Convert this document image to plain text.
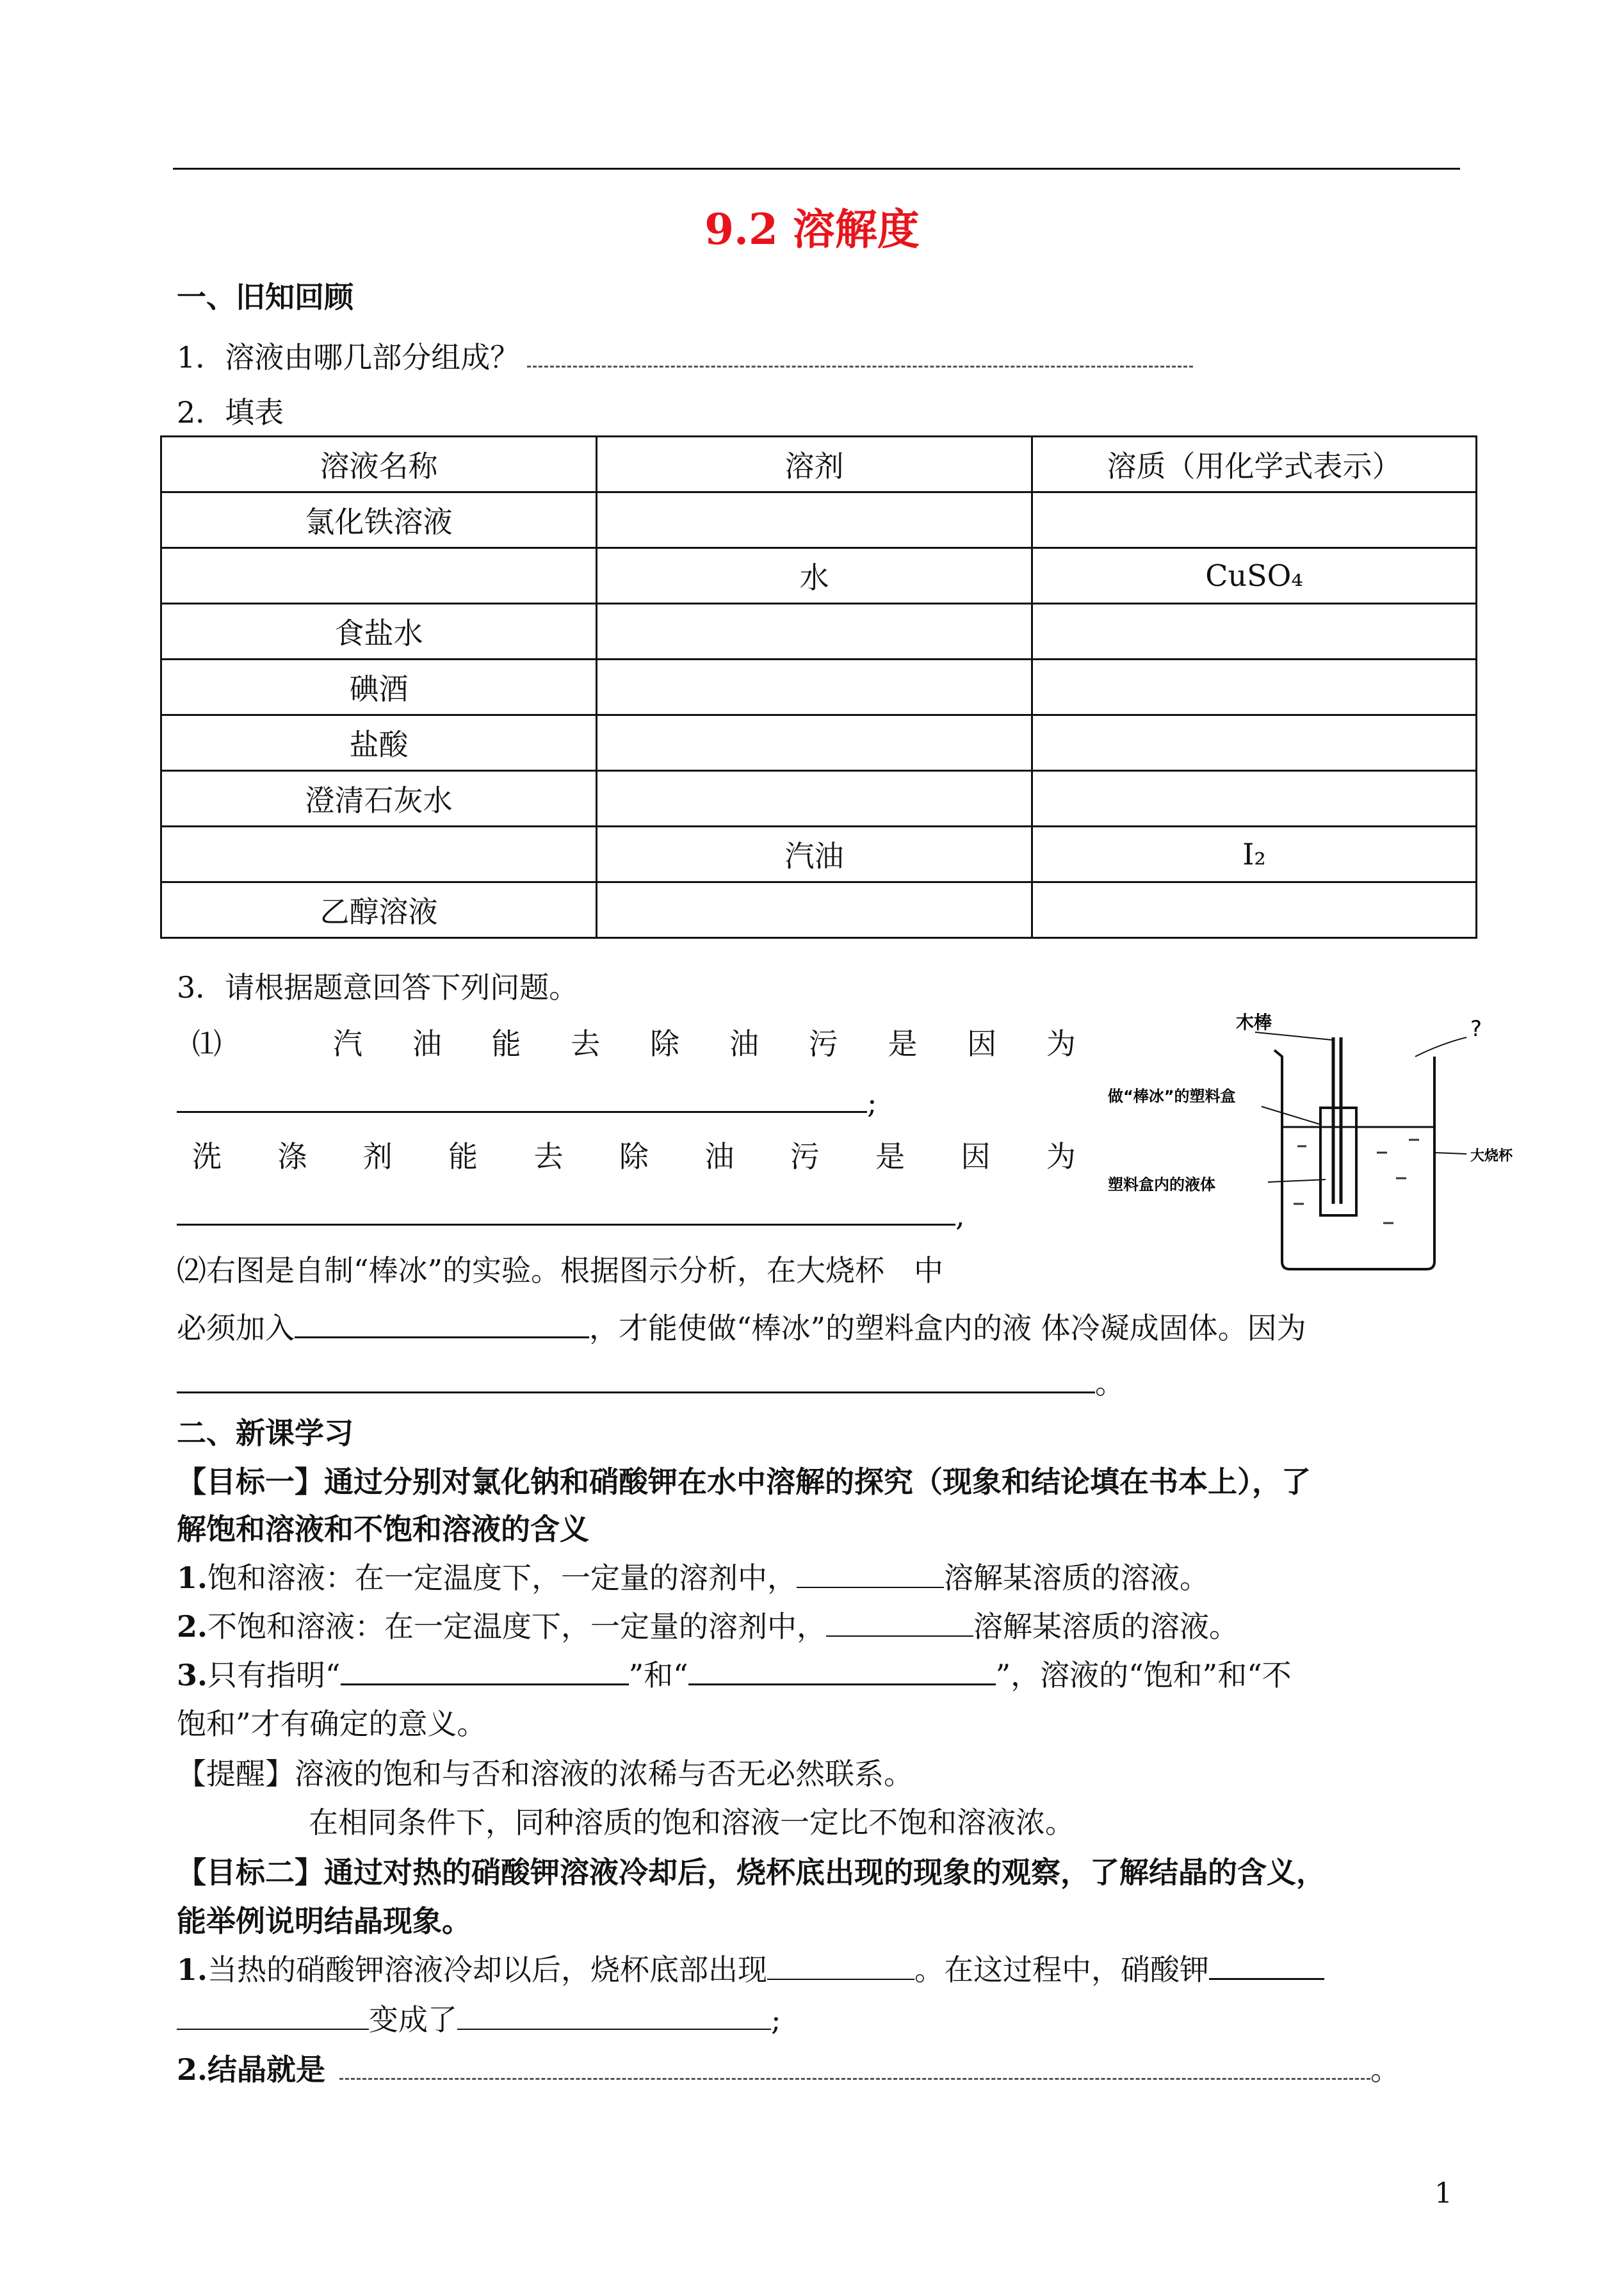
9.2 溶解度
一、旧知回顾
1．溶液由哪几部分组成？
2．填表
溶液名称	溶剂	溶质（用化学式表示）
氯化铁溶液		
	水	CuSO₄
食盐水		
碘酒		
盐酸		
澄清石灰水		
	汽油	I₂
乙醇溶液		
3．请根据题意回答下列问题。
⑴	汽 油 能 去 除 油 污 是 因 为
;
洗 涤 剂 能 去 除 油 污 是 因 为
,
木棒	?
做“棒冰”的塑料盒
大烧杯
塑料盒内的液体
⑵右图是自制“棒冰”的实验。根据图示分析，在大烧杯　中
必须加入	，才能使做“棒冰”的塑料盒内的液 体冷凝成固体。因为
。
二、新课学习
【目标一】通过分别对氯化钠和硝酸钾在水中溶解的探究（现象和结论填在书本上），了
解饱和溶液和不饱和溶液的含义
1.饱和溶液：在一定温度下，一定量的溶剂中，	溶解某溶质的溶液。
2.不饱和溶液：在一定温度下，一定量的溶剂中，	溶解某溶质的溶液。
3.只有指明“	”和“	”，溶液的“饱和”和“不
饱和”才有确定的意义。
【提醒】溶液的饱和与否和溶液的浓稀与否无必然联系。
在相同条件下，同种溶质的饱和溶液一定比不饱和溶液浓。
【目标二】通过对热的硝酸钾溶液冷却后，烧杯底出现的现象的观察，了解结晶的含义，
能举例说明结晶现象。
1.当热的硝酸钾溶液冷却以后，烧杯底部出现	。在这过程中，硝酸钾
变成了	;
2.结晶就是	。
1
